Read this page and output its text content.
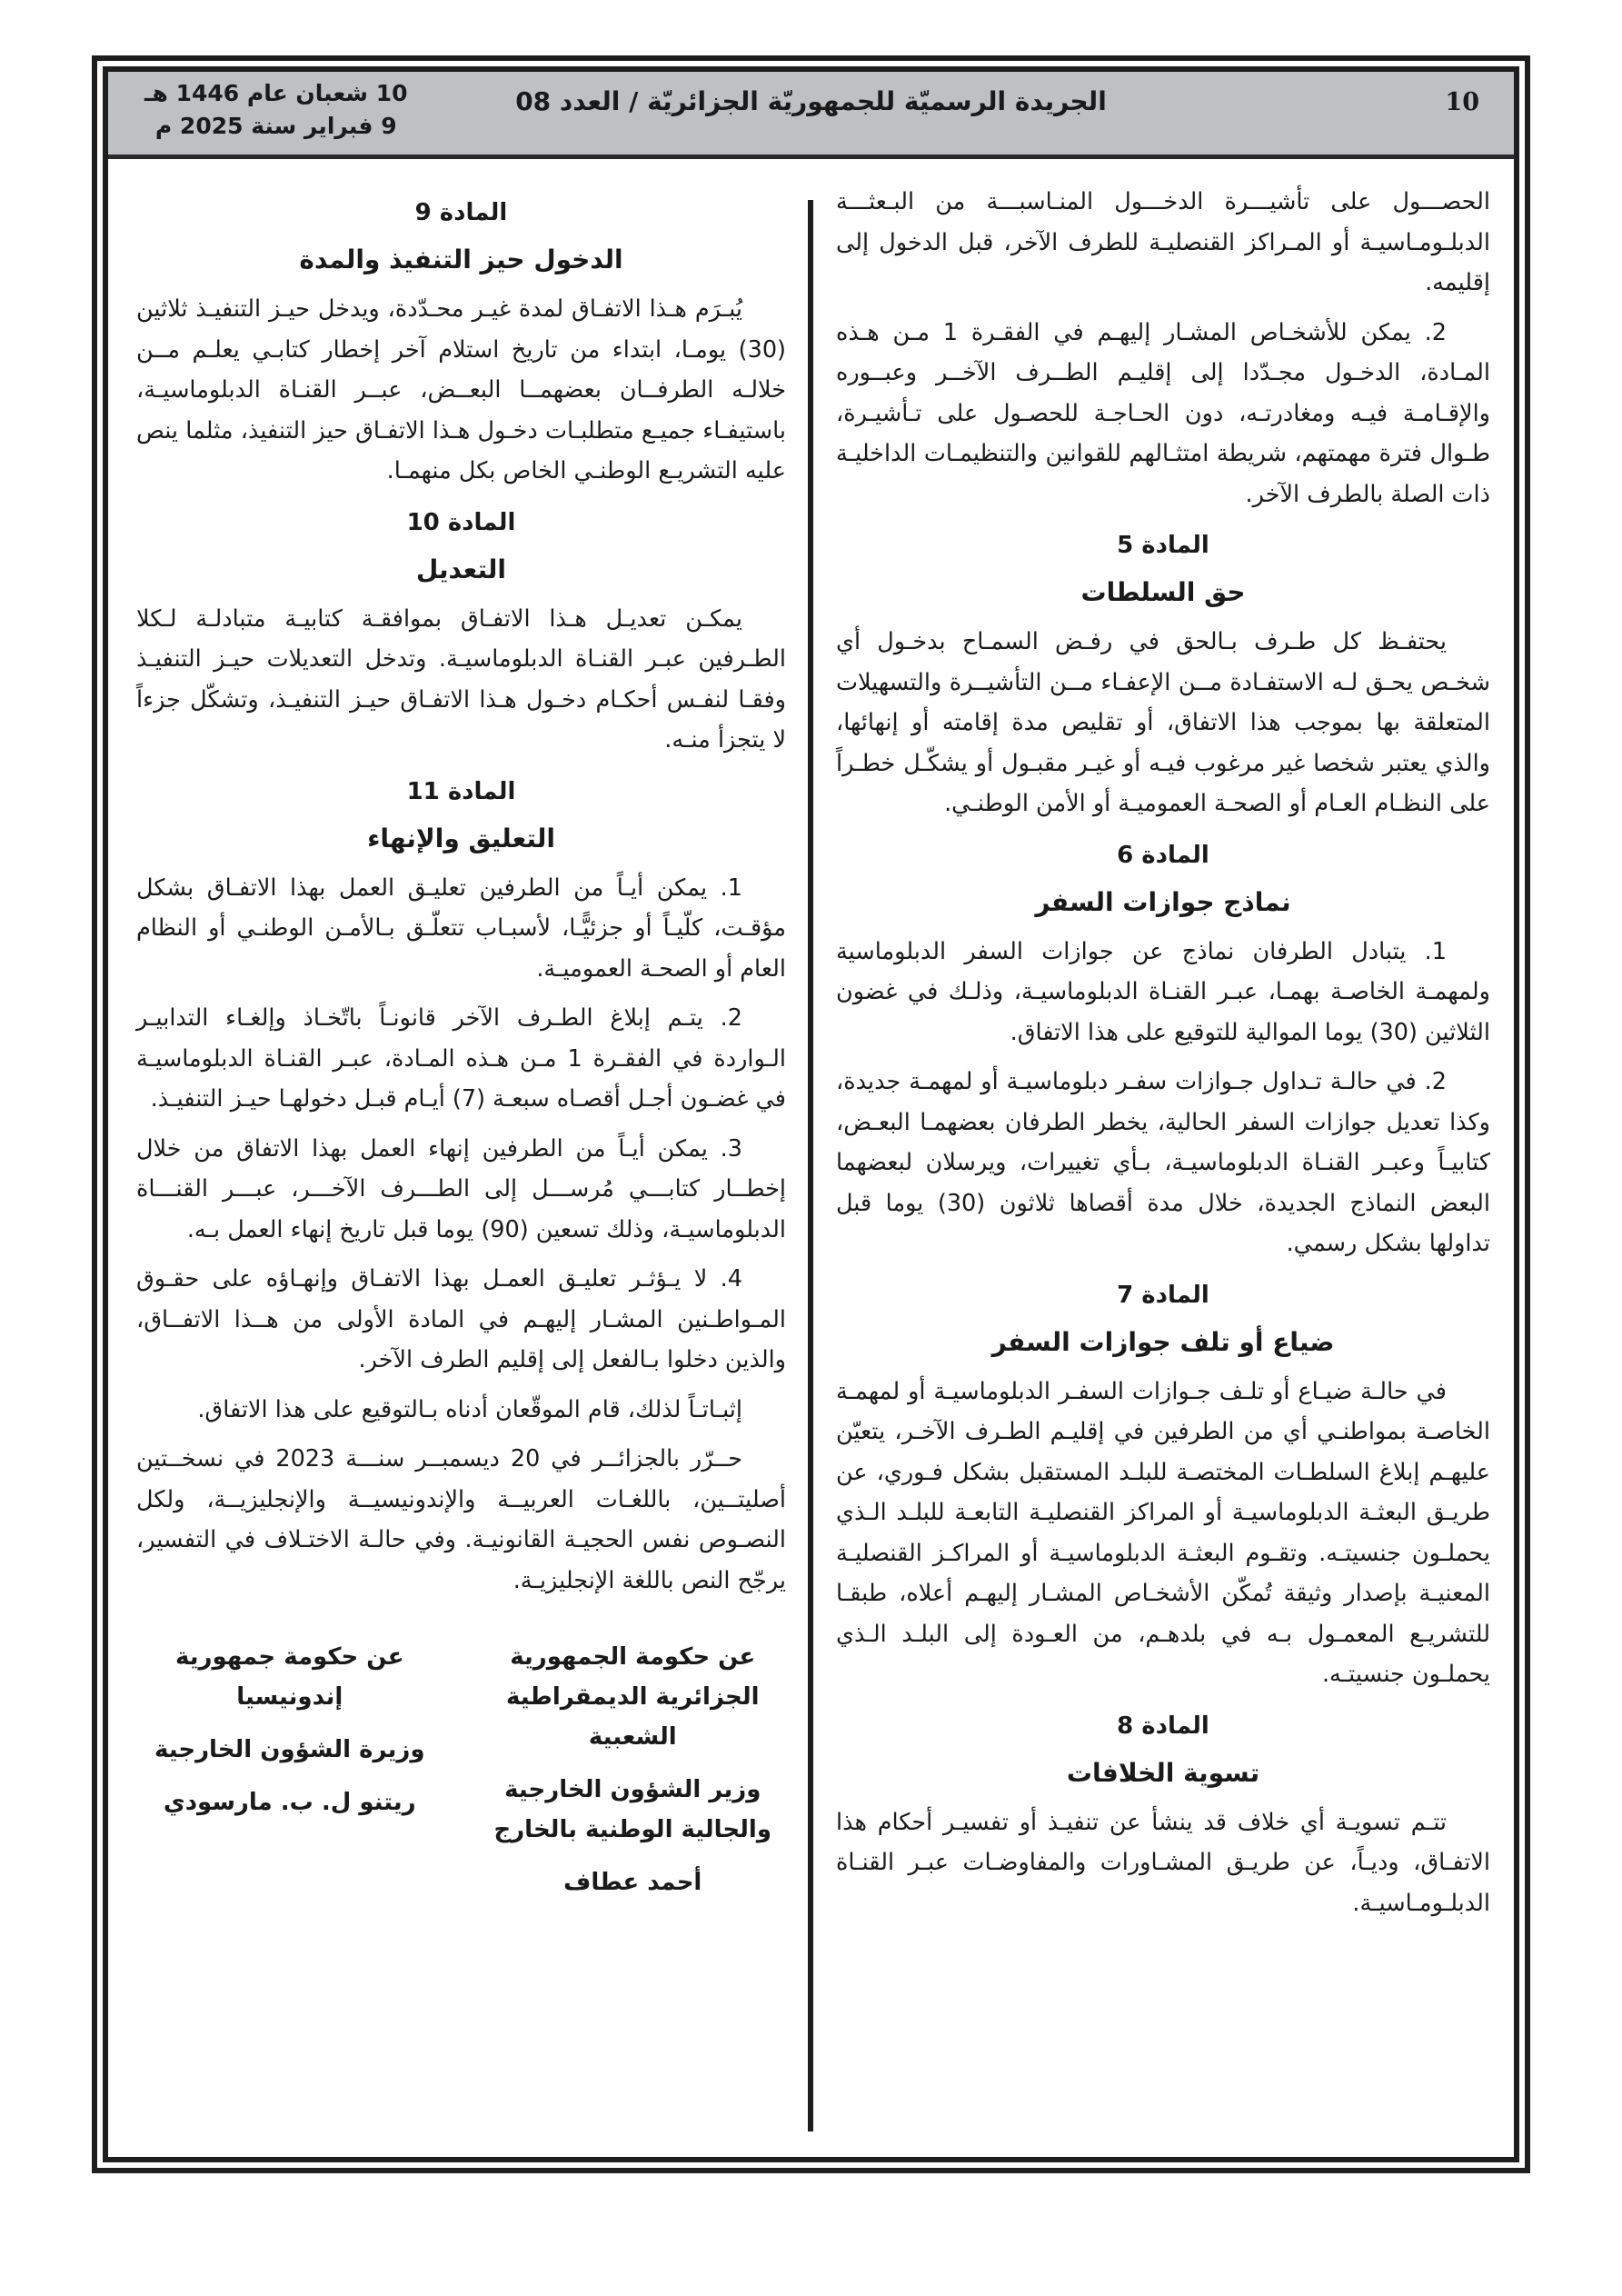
10
الجريدة الرسميّة للجمهوريّة الجزائريّة / العدد 08
10 شعبان عام 1446 هـ
9 فبراير سنة 2025 م

الحصـــول على تأشيـــرة الدخـــول المنـاسبـــة من البـعثـــة الدبلـومـاسيـة أو المـراكز القنصليـة للطرف الآخر، قبل الدخول إلى إقليمه.

2. يمكن للأشخـاص المشـار إليهـم في الفقـرة 1 مـن هـذه المـادة، الدخـول مجـدّدا إلى إقليـم الطــرف الآخــر وعبــوره والإقـامـة فيـه ومغادرتـه، دون الحـاجـة للحصـول على تـأشيـرة، طـوال فترة مهمتهم، شريطة امتثـالهم للقوانين والتنظيمـات الداخليـة ذات الصلة بالطرف الآخر.

المادة 5
حق السلطات

يحتفـظ كل طـرف بـالحق في رفـض السمـاح بدخـول أي شخـص يحـق لـه الاستفـادة مــن الإعفـاء مــن التأشيــرة والتسهيلات المتعلقة بها بموجب هذا الاتفاق، أو تقليص مدة إقامته أو إنهائها، والذي يعتبر شخصا غير مرغوب فيـه أو غيـر مقبـول أو يشكّـل خطـراً على النظـام العـام أو الصحـة العموميـة أو الأمن الوطنـي.

المادة 6
نماذج جوازات السفر

1. يتبادل الطرفان نماذج عن جوازات السفر الدبلوماسية ولمهمـة الخاصـة بهمـا، عبـر القنـاة الدبلوماسيـة، وذلـك في غضون الثلاثين (30) يوما الموالية للتوقيع على هذا الاتفاق.

2. في حالـة تـداول جـوازات سفـر دبلوماسيـة أو لمهمـة جديدة، وكذا تعديل جوازات السفر الحالية، يخطر الطرفان بعضهمـا البعـض، كتابيـاً وعبـر القنـاة الدبلوماسيـة، بـأي تغييرات، ويرسلان لبعضهما البعض النماذج الجديدة، خلال مدة أقصاها ثلاثون (30) يوما قبل تداولها بشكل رسمي.

المادة 7
ضياع أو تلف جوازات السفر

في حالـة ضيـاع أو تلـف جـوازات السفـر الدبلوماسيـة أو لمهمـة الخاصـة بمواطنـي أي من الطرفين في إقليـم الطـرف الآخـر، يتعيّن عليهـم إبلاغ السلطـات المختصـة للبلـد المستقبل بشكل فـوري، عن طريـق البعثـة الدبلوماسيـة أو المراكز القنصليـة التابعـة للبلـد الـذي يحملـون جنسيتـه. وتقـوم البعثـة الدبلوماسيـة أو المراكـز القنصليـة المعنيـة بإصدار وثيقة تُمكّن الأشخـاص المشـار إليهـم أعلاه، طبقـا للتشريـع المعمـول بـه في بلدهـم، من العـودة إلى البلـد الـذي يحملـون جنسيتـه.

المادة 8
تسوية الخلافات

تتـم تسويـة أي خلاف قد ينشأ عن تنفيـذ أو تفسيـر أحكام هذا الاتفـاق، وديـاً، عن طريـق المشـاورات والمفاوضـات عبـر القنـاة الدبلـومـاسيـة.

المادة 9
الدخول حيز التنفيذ والمدة

يُبـرَم هـذا الاتفـاق لمدة غيـر محـدّدة، ويدخل حيـز التنفيـذ ثلاثين (30) يومـا، ابتداء من تاريخ استلام آخر إخطار كتابـي يعلـم مــن خلالـه الطرفــان بعضهمــا البعــض، عبــر القنـاة الدبلوماسيـة، باستيفـاء جميـع متطلبـات دخـول هـذا الاتفـاق حيز التنفيذ، مثلما ينص عليه التشريـع الوطنـي الخاص بكل منهمـا.

المادة 10
التعديل

يمكـن تعديـل هـذا الاتفـاق بموافقـة كتابيـة متبادلـة لـكلا الطـرفين عبـر القنـاة الدبلوماسيـة. وتدخل التعديلات حيـز التنفيـذ وفقـا لنفـس أحكـام دخـول هـذا الاتفـاق حيـز التنفيـذ، وتشكّل جزءاً لا يتجزأ منـه.

المادة 11
التعليق والإنهاء

1. يمكن أيـاً من الطرفين تعليـق العمل بهذا الاتفـاق بشكل مؤقـت، كلّيـاً أو جزئيًّـا، لأسبـاب تتعلّـق بـالأمـن الوطنـي أو النظام العام أو الصحـة العموميـة.

2. يتـم إبلاغ الطـرف الآخر قانونـاً باتّخـاذ وإلغـاء التدابيـر الـواردة في الفقـرة 1 مـن هـذه المـادة، عبـر القنـاة الدبلوماسيـة في غضـون أجـل أقصـاه سبعـة (7) أيـام قبـل دخولهـا حيـز التنفيـذ.

3. يمكن أيـاً من الطرفين إنهاء العمل بهذا الاتفاق من خلال إخطــار كتابـــي مُرســـل إلى الطـــرف الآخـــر، عبـــر القنـــاة الدبلوماسيـة، وذلك تسعين (90) يوما قبل تاريخ إنهاء العمل بـه.

4. لا يـؤثـر تعليـق العمـل بهذا الاتفـاق وإنهـاؤه على حقـوق المـواطـنين المشـار إليهـم في المادة الأولى من هــذا الاتفــاق، والذين دخلوا بـالفعل إلى إقليم الطرف الآخر.

إثبـاتـاً لذلك، قام الموقّعان أدناه بـالتوقيع على هذا الاتفاق.

حــرّر بالجزائــر في 20 ديسمبــر سنـــة 2023 في نسخــتين أصليتــين، باللغـات العربيــة والإندونيسيــة والإنجليزيــة، ولكل النصـوص نفس الحجيـة القانونيـة. وفي حالـة الاختـلاف في التفسير، يرجّح النص باللغة الإنجليزيـة.

عن حكومة الجمهورية الجزائرية الديمقراطية الشعبية
وزير الشؤون الخارجية والجالية الوطنية بالخارج
أحمد عطاف
عن حكومة جمهورية إندونيسيا
وزيرة الشؤون الخارجية
ريتنو ل. ب. مارسودي
